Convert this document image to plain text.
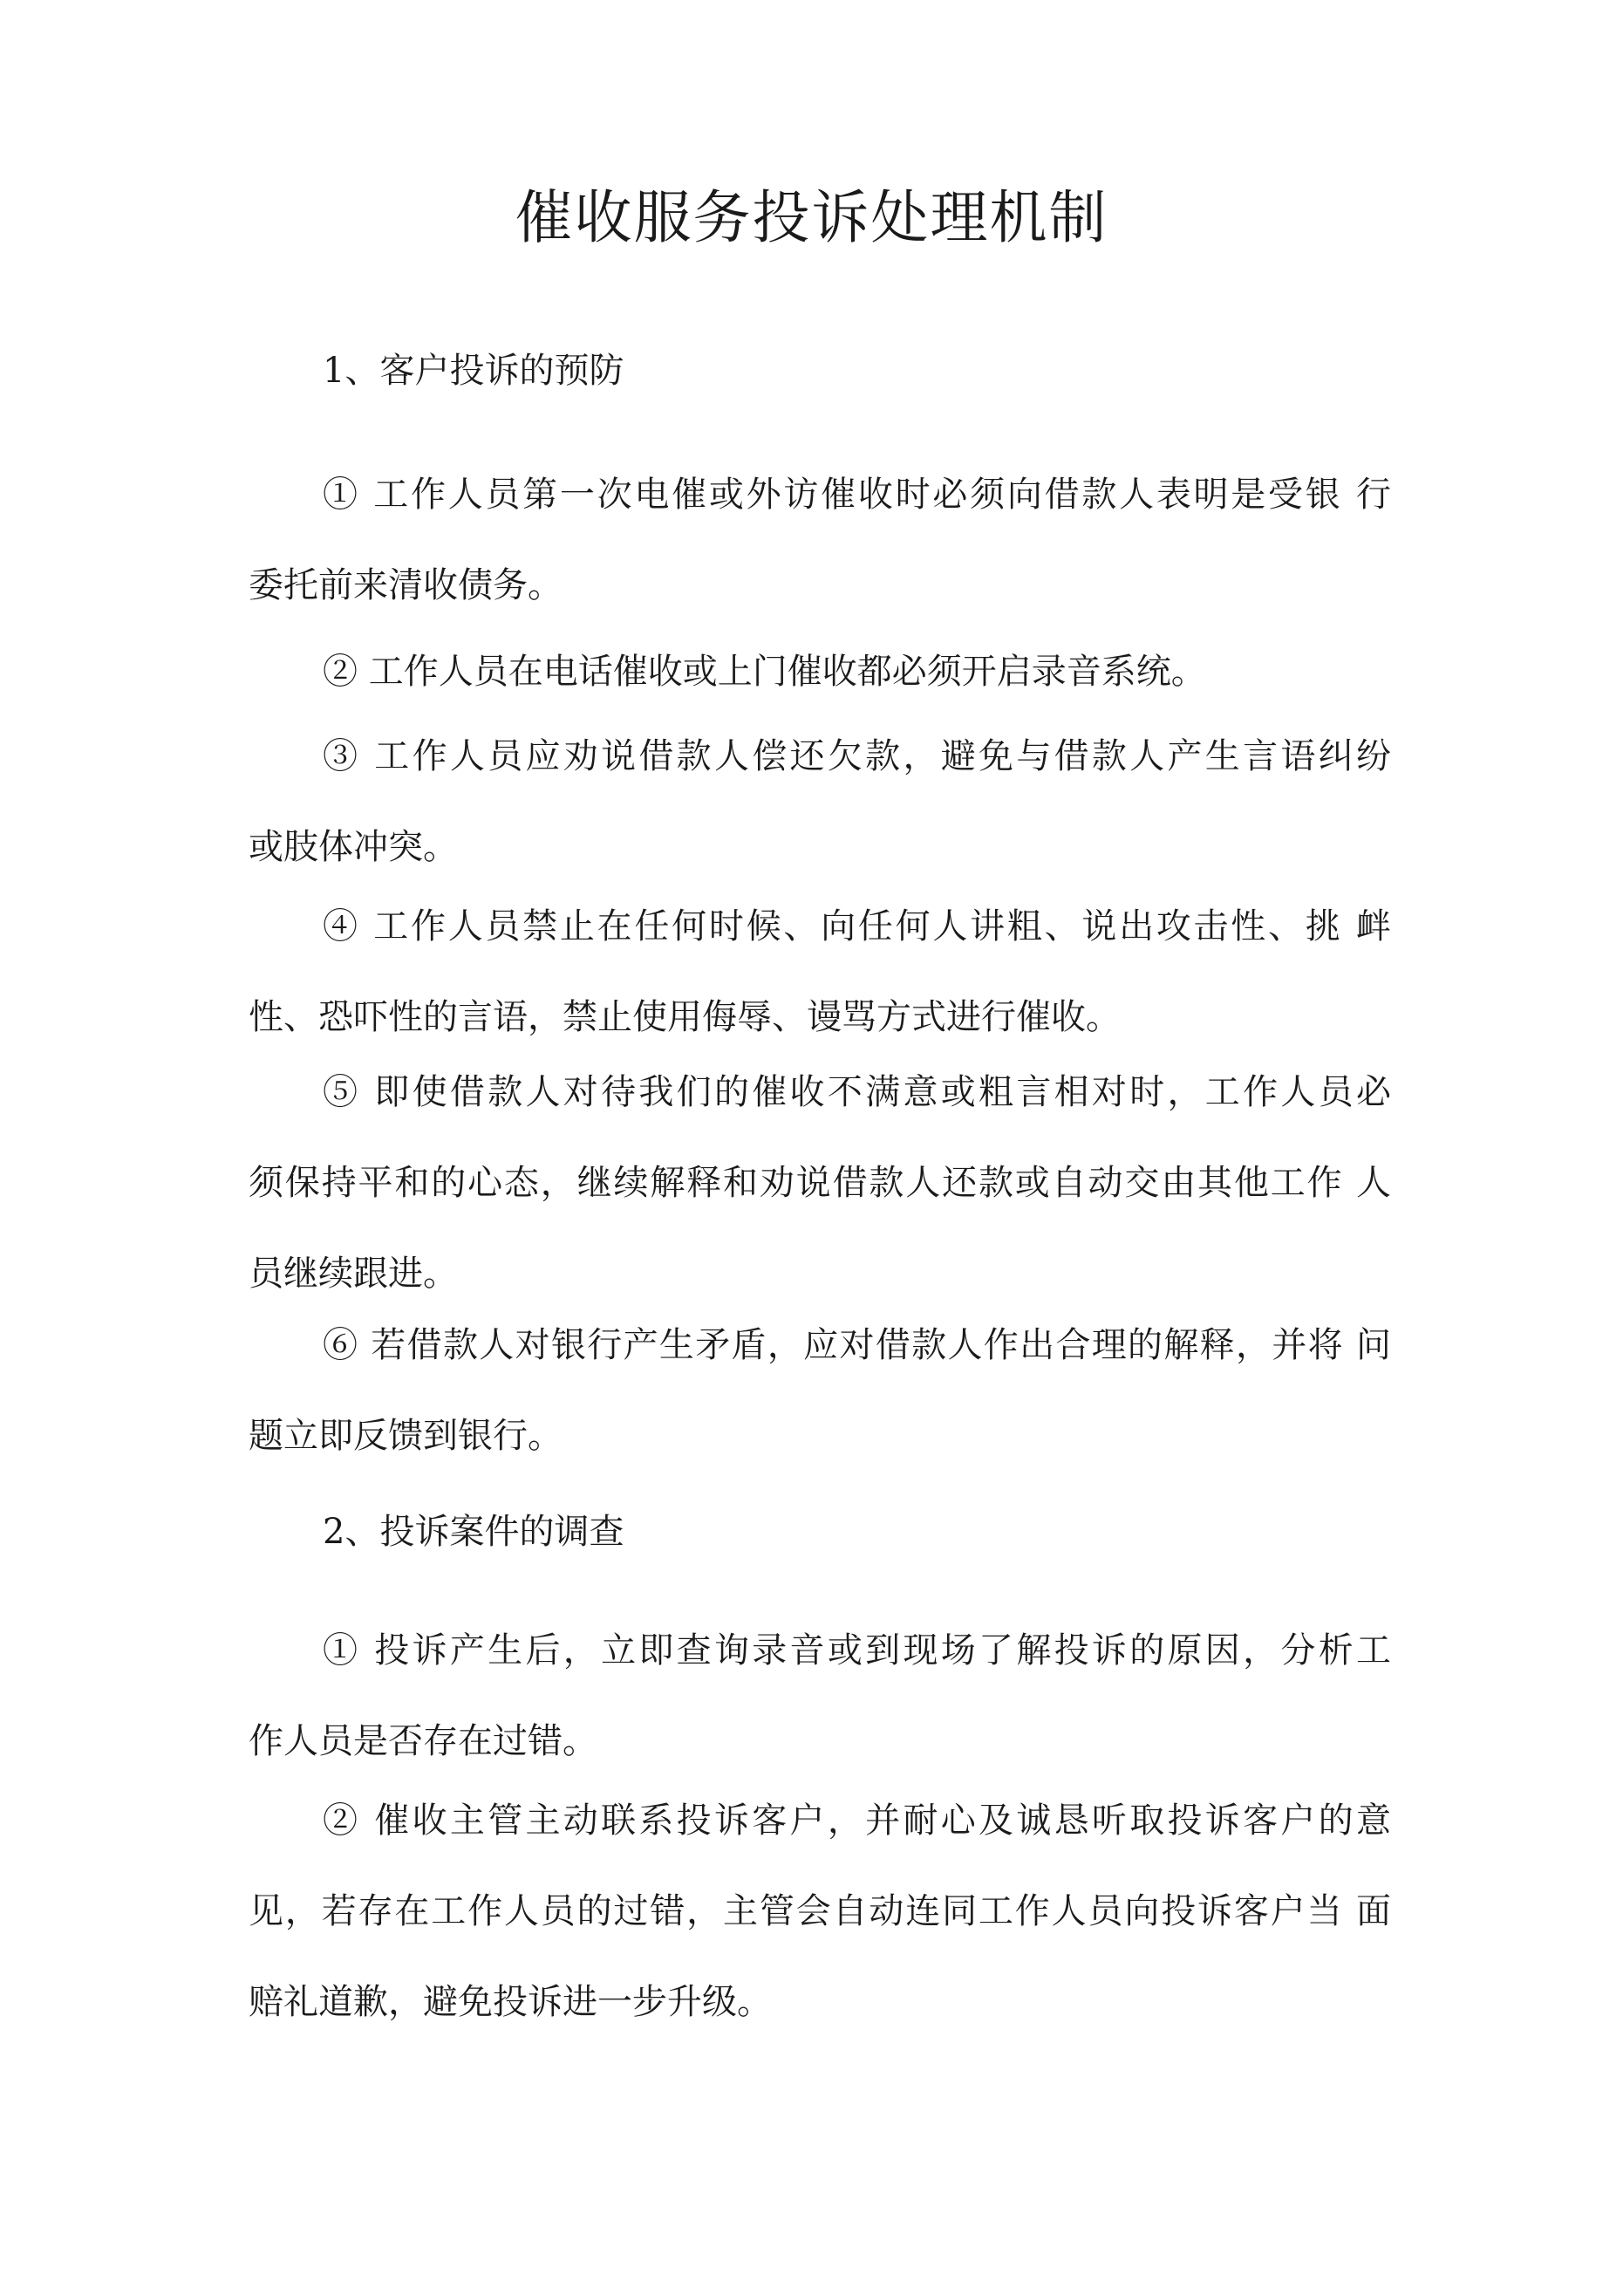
催收服务投诉处理机制
1、客户投诉的预防
① 工作人员第一次电催或外访催收时必须向借款人表明是受银 行
委托前来清收债务。
② 工作人员在电话催收或上门催收都必须开启录音系统。
③ 工作人员应劝说借款人偿还欠款，避免与借款人产生言语纠纷
或肢体冲突。
④ 工作人员禁止在任何时候、向任何人讲粗、说出攻击性、挑 衅
性、恐吓性的言语，禁止使用侮辱、谩骂方式进行催收。
⑤ 即使借款人对待我们的催收不满意或粗言相对时，工作人员必
须保持平和的心态，继续解释和劝说借款人还款或自动交由其他工作 人
员继续跟进。
⑥ 若借款人对银行产生矛盾，应对借款人作出合理的解释，并将 问
题立即反馈到银行。
2、投诉案件的调查
① 投诉产生后，立即查询录音或到现场了解投诉的原因，分析工
作人员是否存在过错。
② 催收主管主动联系投诉客户，并耐心及诚恳听取投诉客户的意
见，若存在工作人员的过错，主管会自动连同工作人员向投诉客户当 面
赔礼道歉，避免投诉进一步升级。
